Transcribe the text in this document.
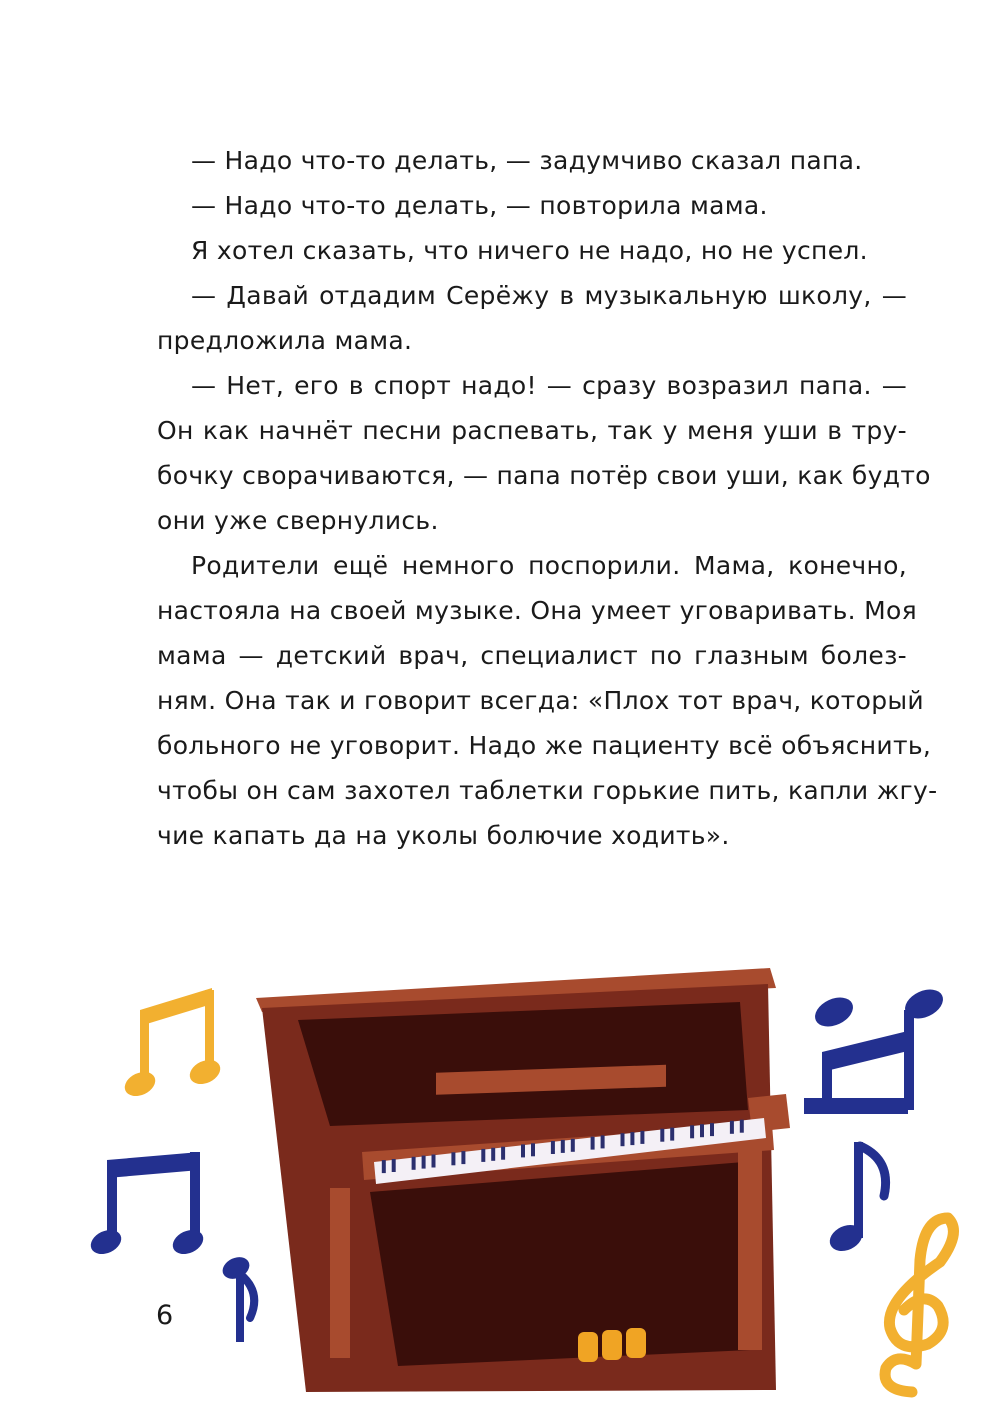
— Надо что-то делать, — задумчиво сказал папа.
— Надо что-то делать, — повторила мама.
Я хотел сказать, что ничего не надо, но не успел.
— Давай отдадим Серёжу в музыкальную школу, —
предложила мама.
— Нет, его в спорт надо! — сразу возразил папа. —
Он как начнёт песни распевать, так у меня уши в тру-
бочку сворачиваются, — папа потёр свои уши, как будто
они уже свернулись.
Родители ещё немного поспорили. Мама, конечно,
настояла на своей музыке. Она умеет уговаривать. Моя
мама — детский врач, специалист по глазным болез-
ням. Она так и говорит всегда: «Плох тот врач, который
больного не уговорит. Надо же пациенту всё объяснить,
чтобы он сам захотел таблетки горькие пить, капли жгу-
чие капать да на уколы болючие ходить».
6
